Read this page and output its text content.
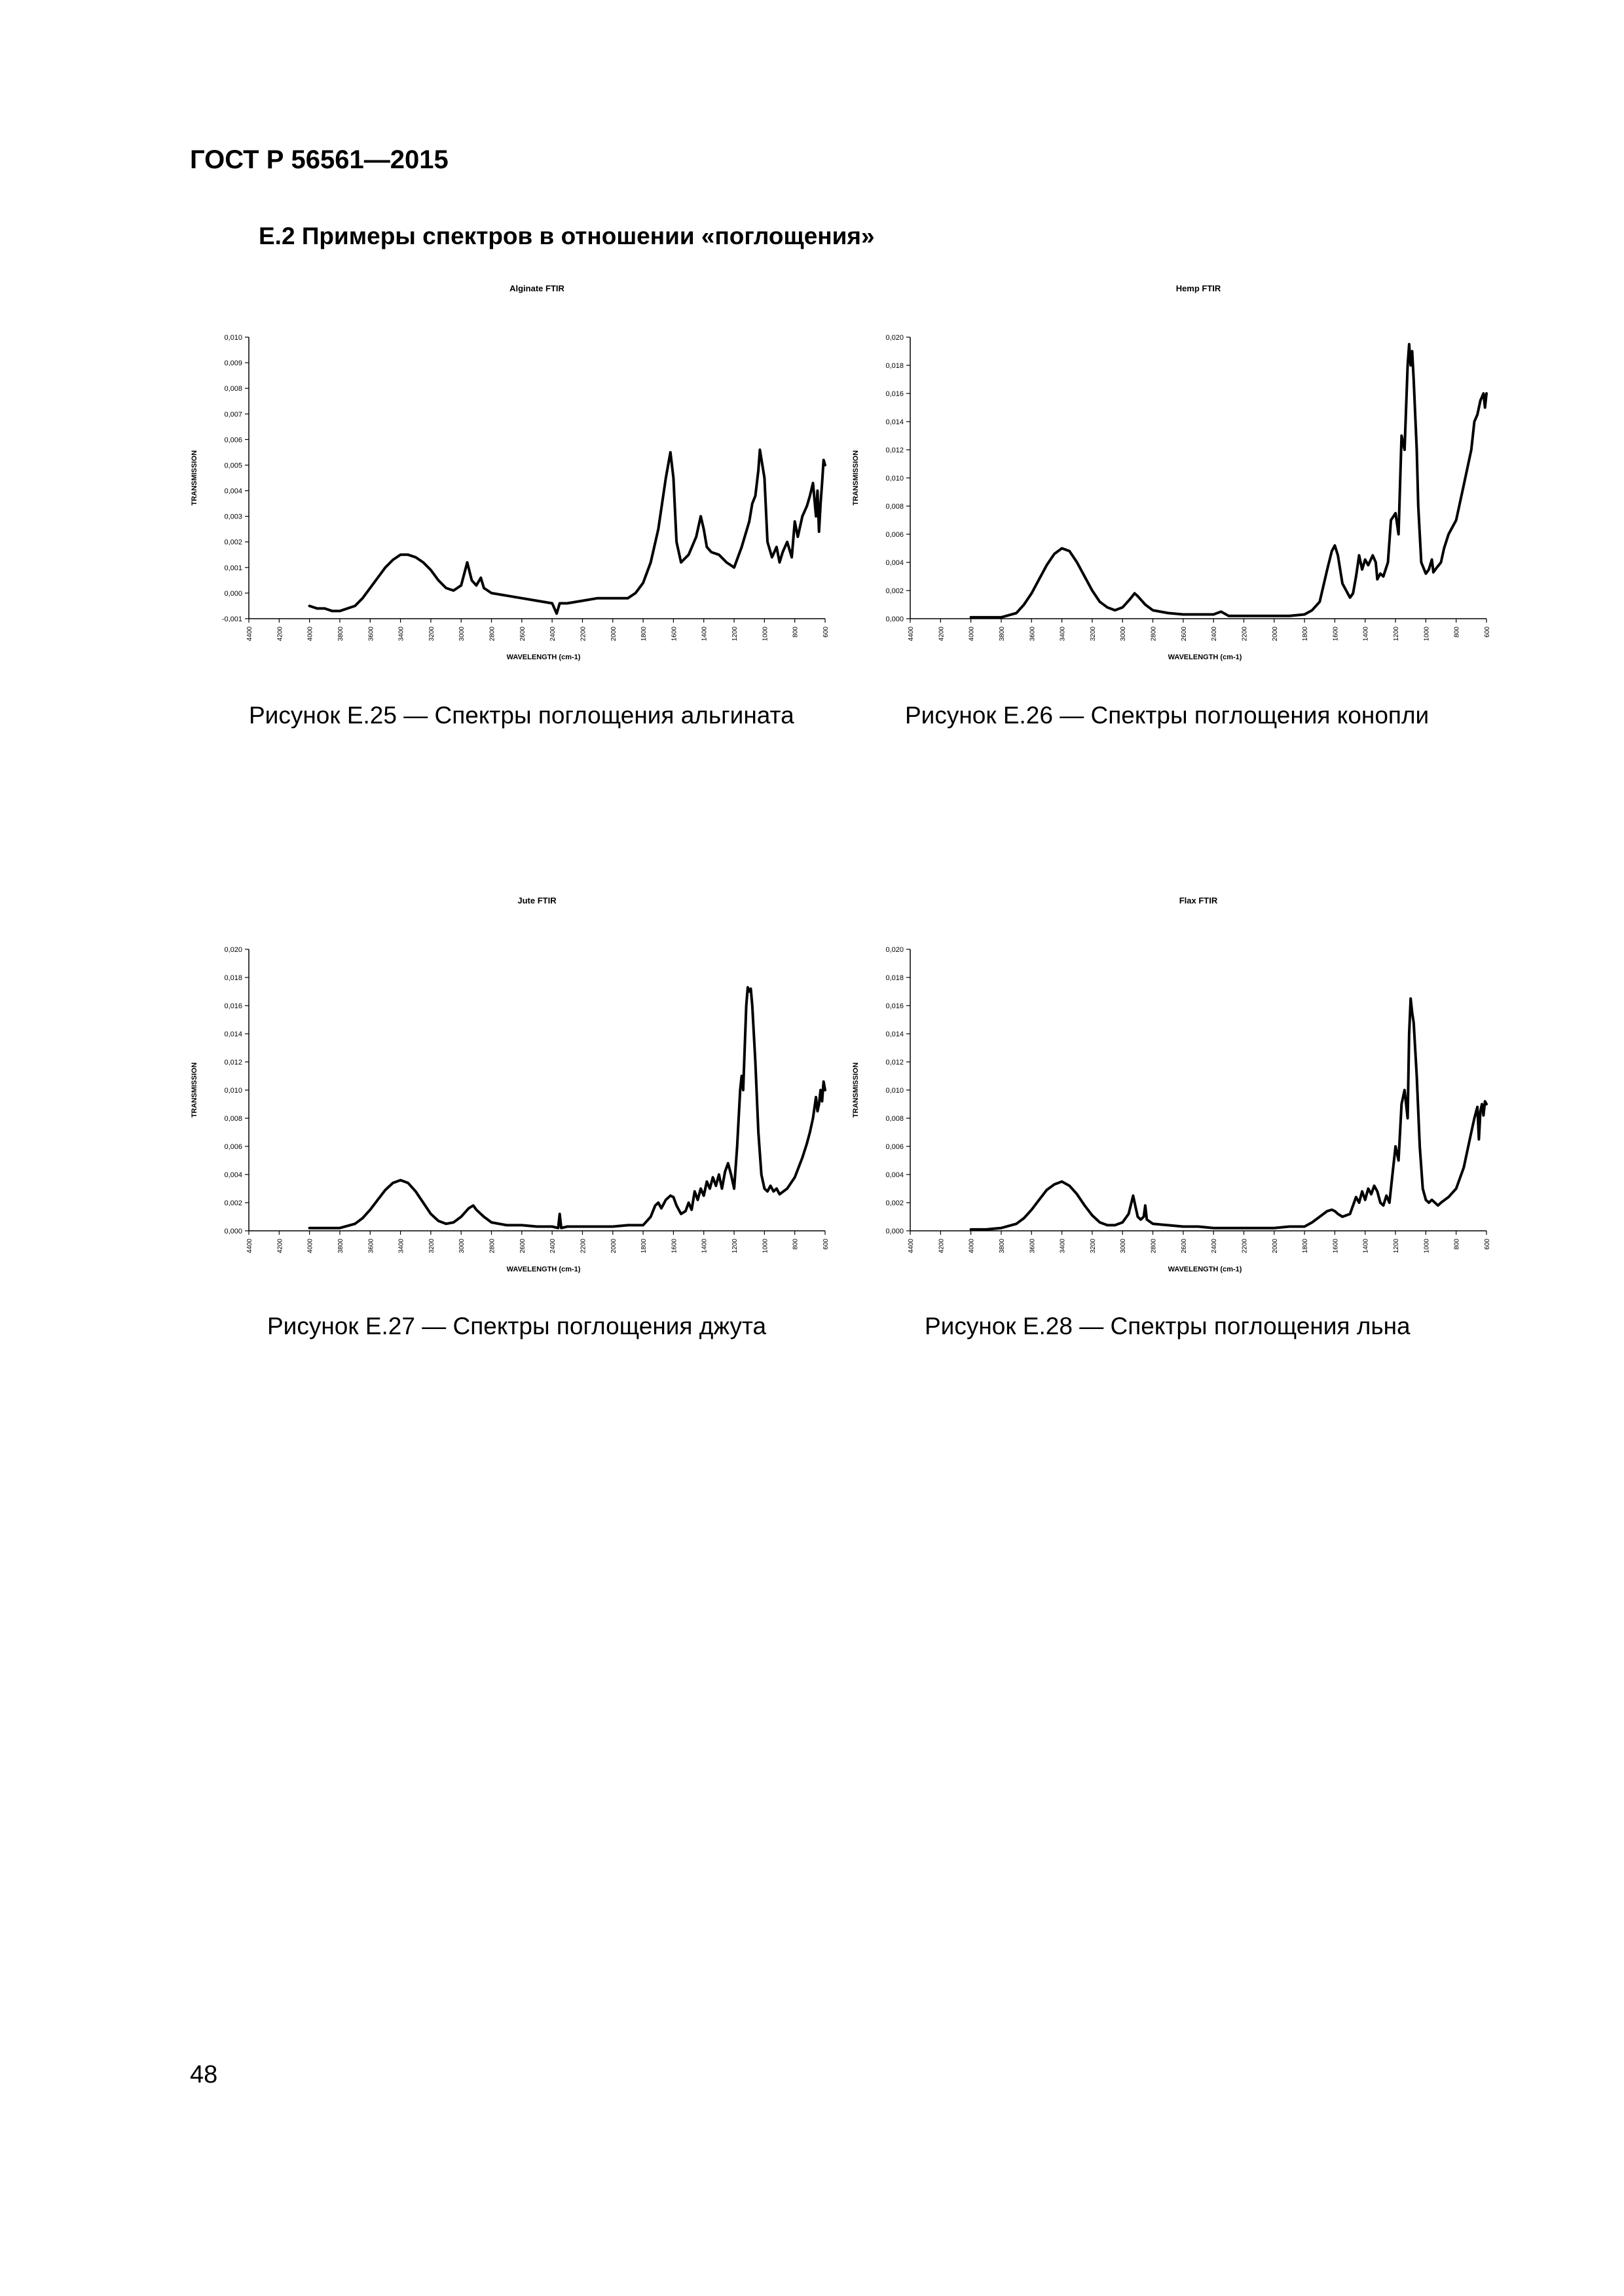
ГОСТ Р 56561—2015
Е.2 Примеры спектров в отношении «поглощения»
Alginate FTIR
-0,001
0,000
0,001
0,002
0,003
0,004
0,005
0,006
0,007
0,008
0,009
0,010
4400	4200	4000	3800	3600	3400	3200	3000	2800	2600	2400	2200	2000	1800	1600	1400	1200	1000	800	600
WAVELENGTH (cm-1)
TRANSMISSION
Hemp FTIR
0,000
0,002
0,004
0,006
0,008
0,010
0,012
0,014
0,016
0,018
0,020
4400	4200	4000	3800	3600	3400	3200	3000	2800	2600	2400	2200	2000	1800	1600	1400	1200	1000	800	600
WAVELENGTH (cm-1)
TRANSMISSION
Jute FTIR
0,000
0,002
0,004
0,006
0,008
0,010
0,012
0,014
0,016
0,018
0,020
4400	4200	4000	3800	3600	3400	3200	3000	2800	2600	2400	2200	2000	1800	1600	1400	1200	1000	800	600
WAVELENGTH (cm-1)
TRANSMISSION
Flax FTIR
0,000
0,002
0,004
0,006
0,008
0,010
0,012
0,014
0,016
0,018
0,020
4400	4200	4000	3800	3600	3400	3200	3000	2800	2600	2400	2200	2000	1800	1600	1400	1200	1000	800	600
WAVELENGTH (cm-1)
TRANSMISSION
Рисунок Е.25 — Спектры поглощения альгината	Рисунок Е.26 — Спектры поглощения конопли
Рисунок Е.27 — Спектры поглощения джута	Рисунок Е.28 — Спектры поглощения льна
48
